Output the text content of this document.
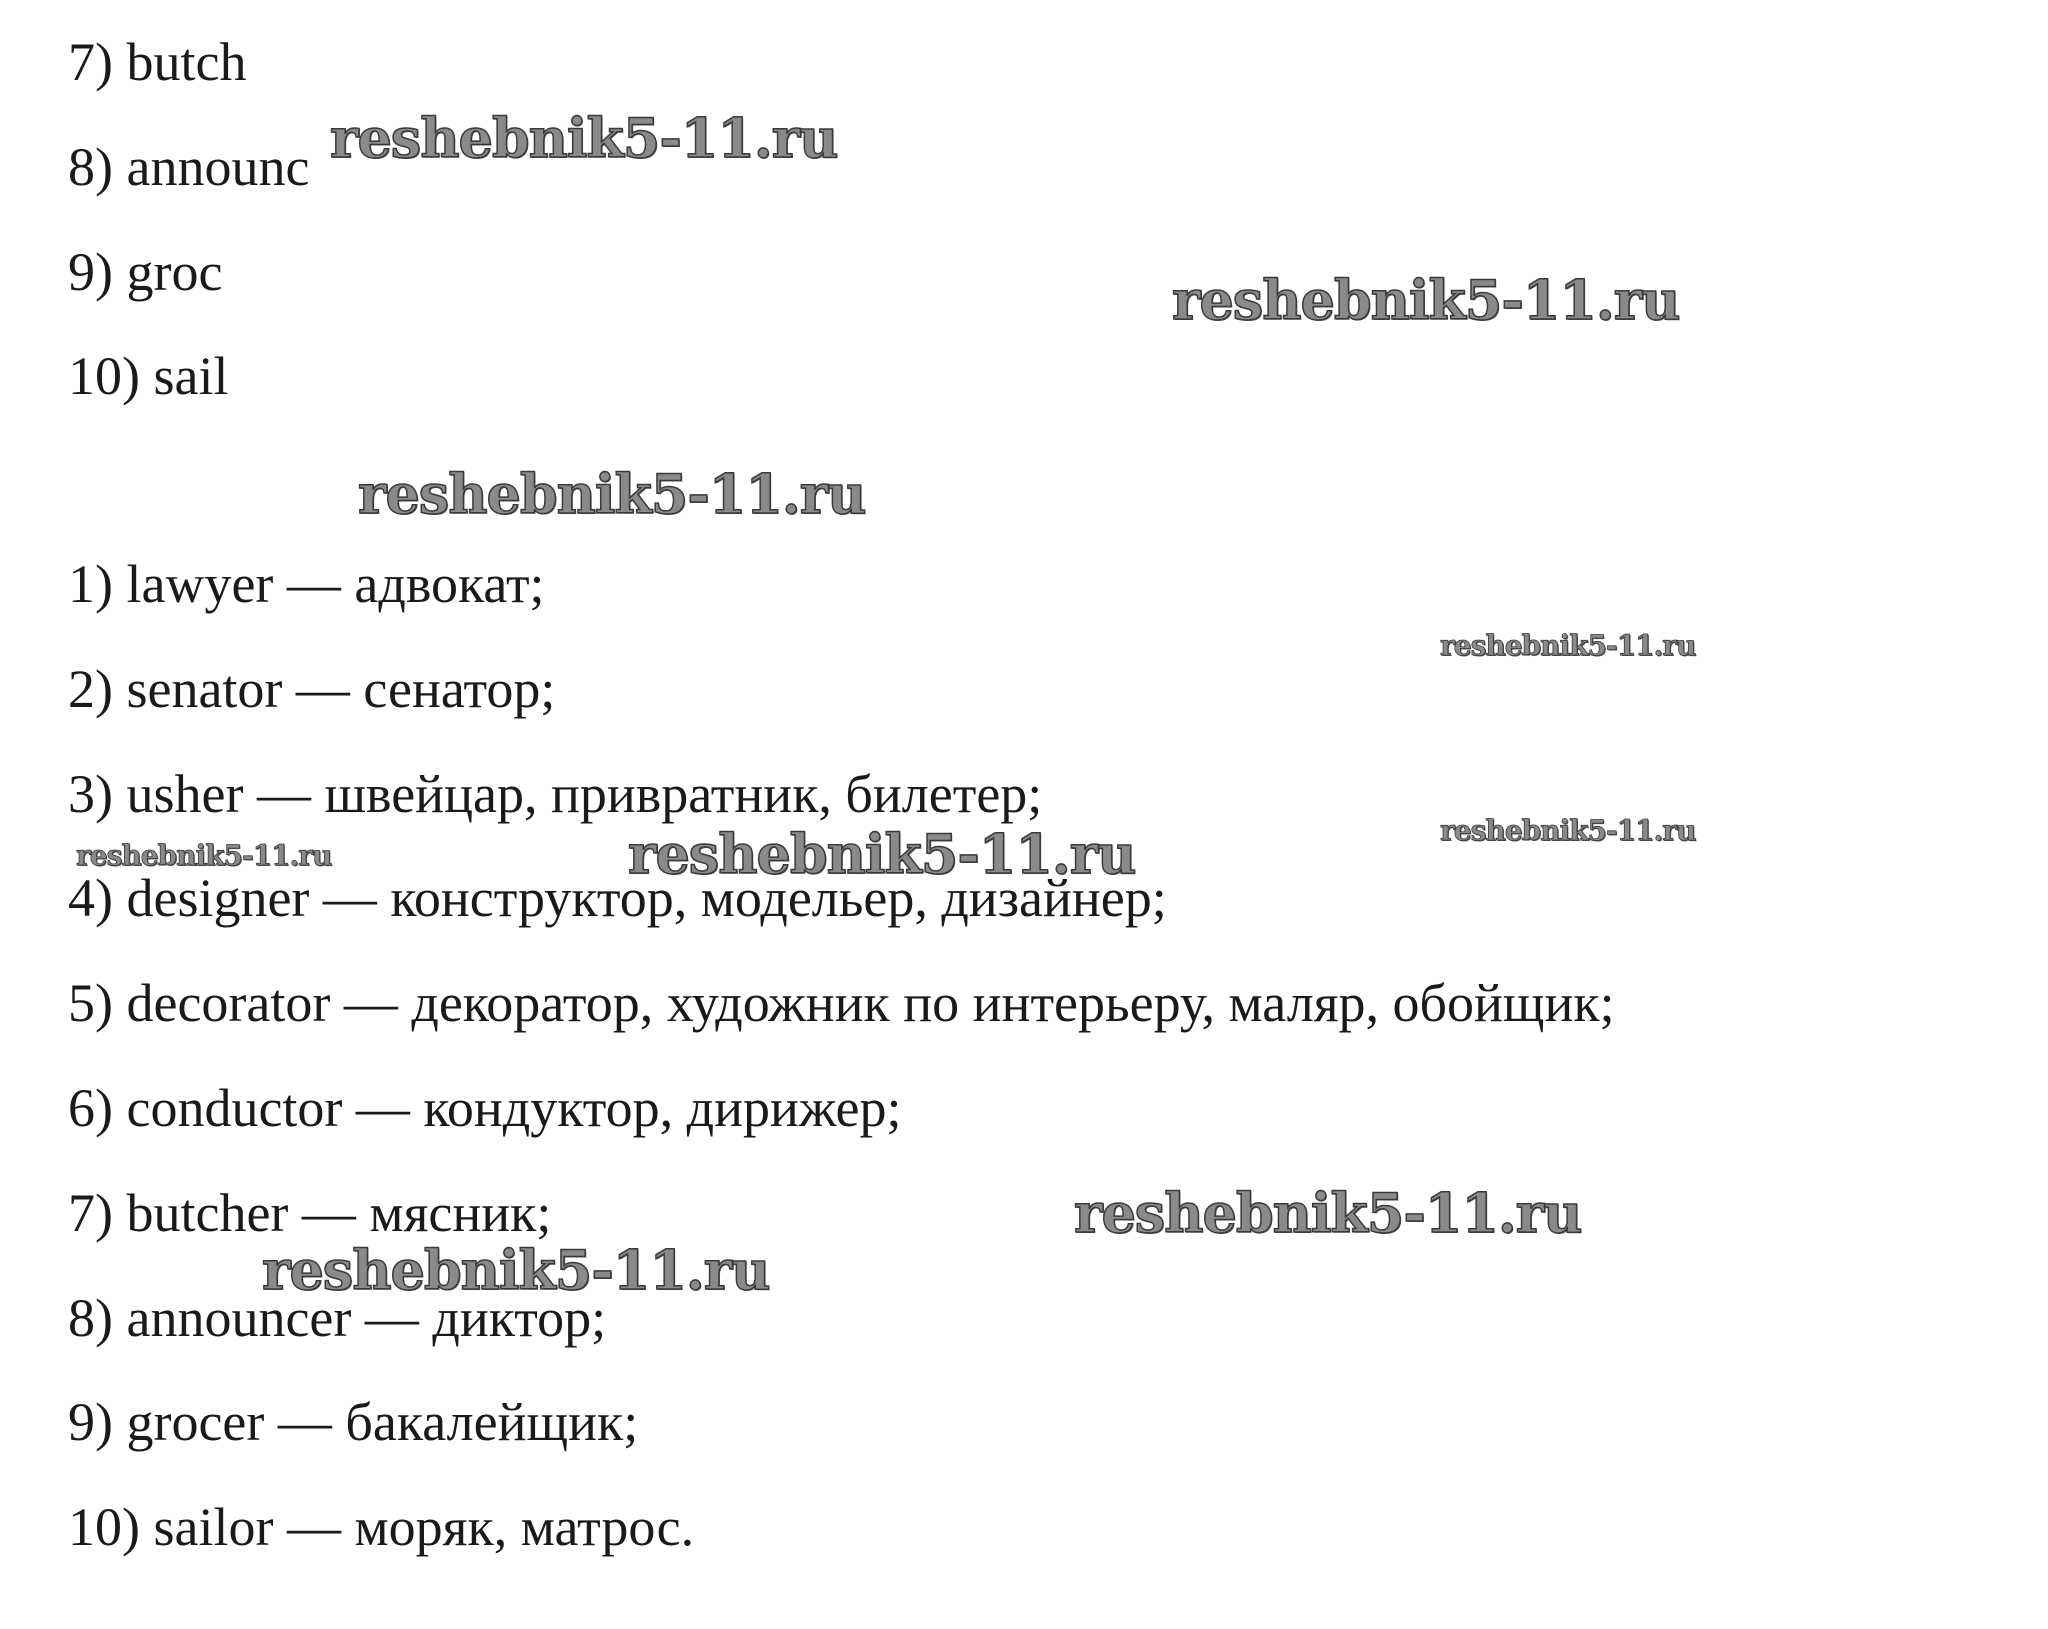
7) butch
8) announc
9) groc
10) sail
1) lawyer — адвокат;
2) senator — сенатор;
3) usher — швейцар, привратник, билетер;
4) designer — конструктор, модельер, дизайнер;
5) decorator — декоратор, художник по интерьеру, маляр, обойщик;
6) conductor — кондуктор, дирижер;
7) butcher — мясник;
8) announcer — диктор;
9) grocer — бакалейщик;
10) sailor — моряк, матрос.
reshebnik5-11.ru
reshebnik5-11.ru
reshebnik5-11.ru
reshebnik5-11.ru
reshebnik5-11.ru
reshebnik5-11.ru	reshebnik5-11.ru
reshebnik5-11.ru
reshebnik5-11.ru
